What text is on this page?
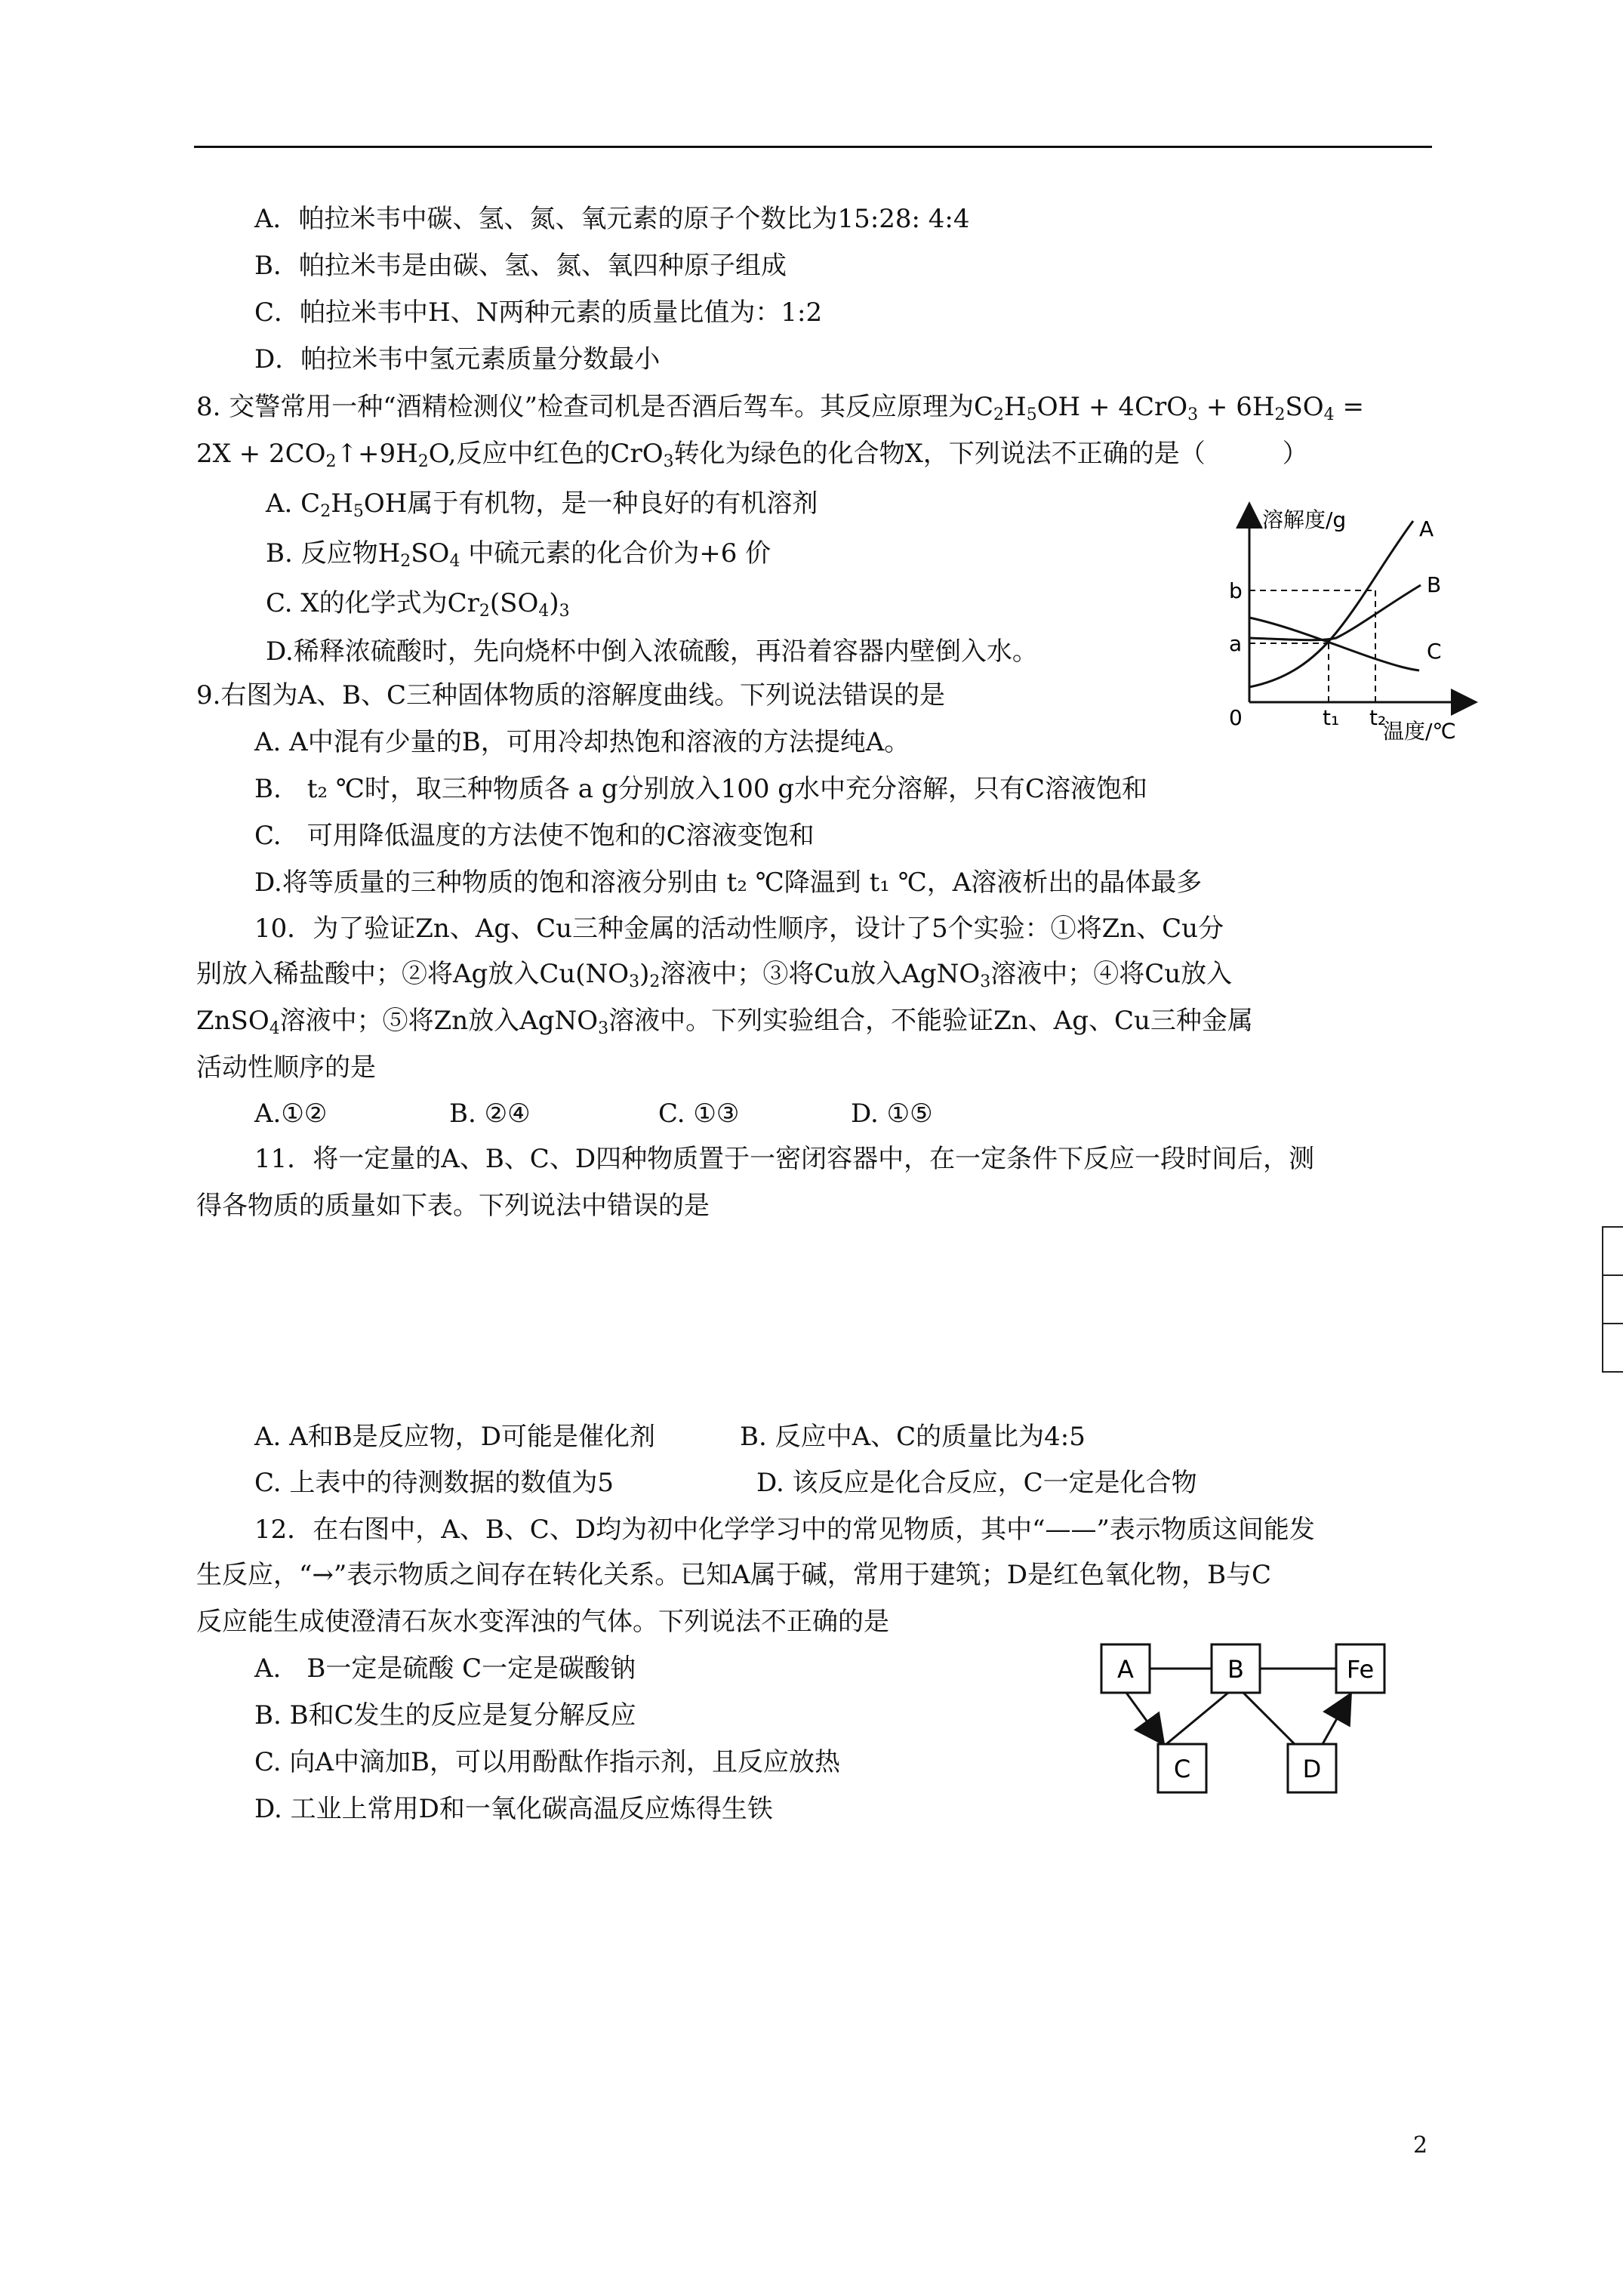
A．帕拉米韦中碳、氢、氮、氧元素的原子个数比为15:28: 4:4
B．帕拉米韦是由碳、氢、氮、氧四种原子组成
C．帕拉米韦中H、N两种元素的质量比值为：1:2
D．帕拉米韦中氢元素质量分数最小
8. 交警常用一种“酒精检测仪”检查司机是否酒后驾车。其反应原理为$C_2H_5OH + 4CrO_3 + 6H_2SO_4$ =
$2X + 2CO_2↑+9H_2O$,反应中红色的CrO$_3$转化为绿色的化合物X，下列说法不正确的是（　　　）
A. $C_2H_5OH$属于有机物，是一种良好的有机溶剂
B. 反应物$H_2SO_4$ 中硫元素的化合价为+6 价
C. X的化学式为$Cr_2(SO_4)_3$
D.稀释浓硫酸时，先向烧杯中倒入浓硫酸，再沿着容器内壁倒入水。
9.右图为A、B、C三种固体物质的溶解度曲线。下列说法错误的是
A. A中混有少量的B，可用冷却热饱和溶液的方法提纯A。
B.　t₂ ℃时，取三种物质各 a g分别放入100 g水中充分溶解，只有C溶液饱和
C.　可用降低温度的方法使不饱和的C溶液变饱和
D.将等质量的三种物质的饱和溶液分别由 t₂ ℃降温到 t₁ ℃，A溶液析出的晶体最多
溶解度/g
温度/℃
0
b
a
t₁ t₂
A
B
C
10．为了验证Zn、Ag、Cu三种金属的活动性顺序，设计了5个实验：①将Zn、Cu分
别放入稀盐酸中；②将Ag放入$Cu(NO_3)_2$溶液中；③将Cu放入AgNO$_3$溶液中；④将Cu放入
ZnSO$_4$溶液中；⑤将Zn放入AgNO$_3$溶液中。下列实验组合，不能验证Zn、Ag、Cu三种金属
活动性顺序的是
A.①②	B. ②④	C. ①③	D. ①⑤
11．将一定量的A、B、C、D四种物质置于一密闭容器中，在一定条件下反应一段时间后，测
得各物质的质量如下表。下列说法中错误的是
A. A和B是反应物，D可能是催化剂	B. 反应中A、C的质量比为4:5
C. 上表中的待测数据的数值为5	D. 该反应是化合反应，C一定是化合物
12．在右图中，A、B、C、D均为初中化学学习中的常见物质，其中“——”表示物质这间能发
生反应，“→”表示物质之间存在转化关系。已知A属于碱，常用于建筑；D是红色氧化物，B与C
反应能生成使澄清石灰水变浑浊的气体。下列说法不正确的是
A.　B一定是硫酸 C一定是碳酸钠
B. B和C发生的反应是复分解反应
C. 向A中滴加B，可以用酚酞作指示剂，且反应放热
D. 工业上常用D和一氧化碳高温反应炼得生铁
A	B	Fe
C	D
2
